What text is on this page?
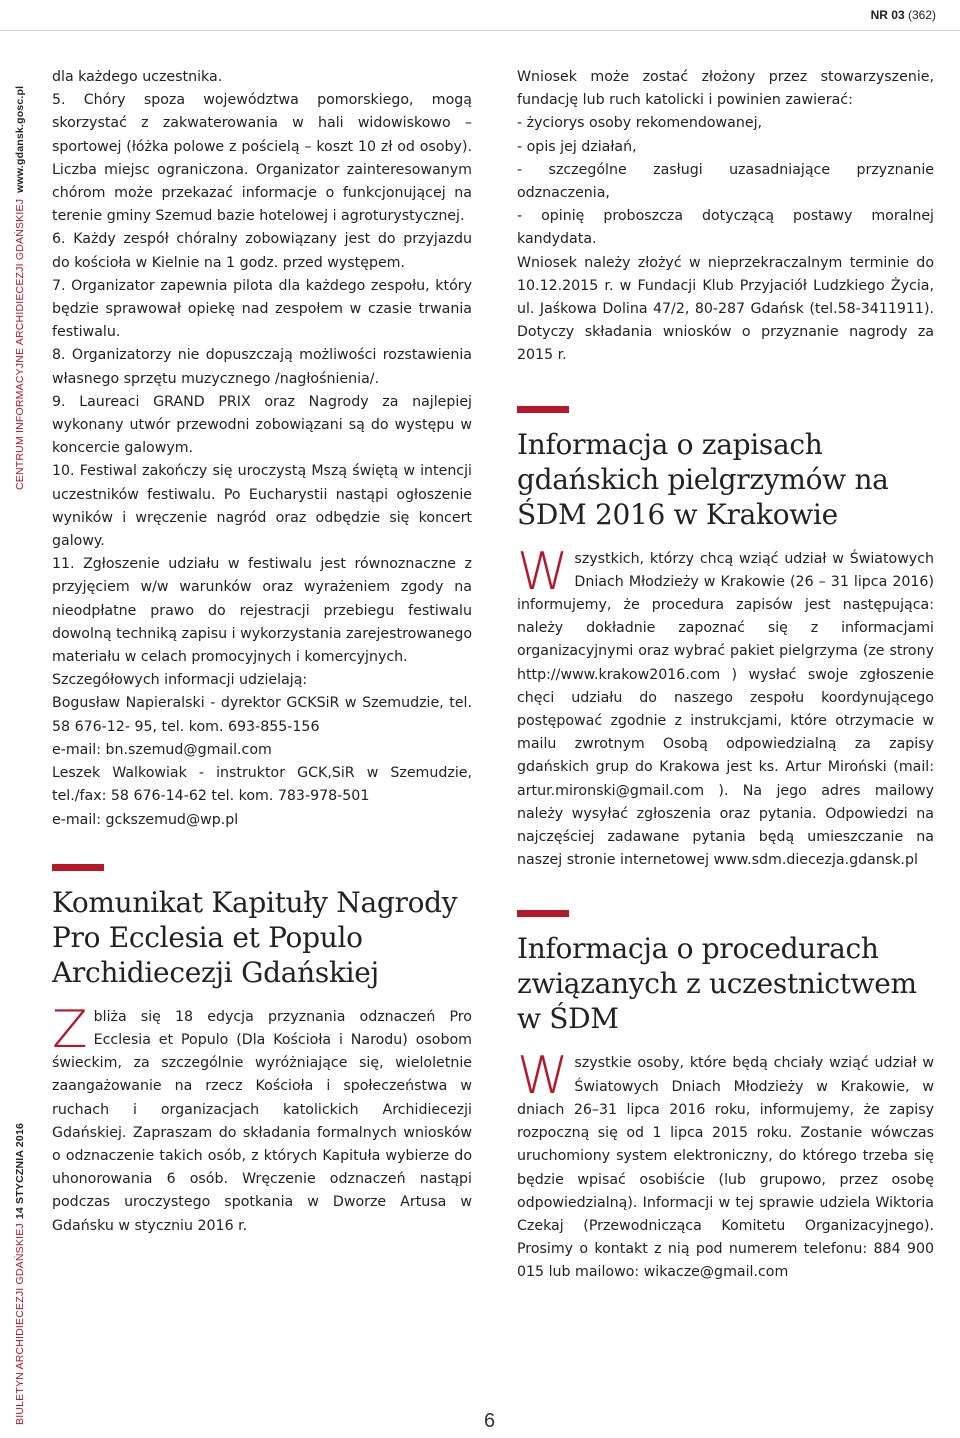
NR 03 (362)
CENTRUM INFORMACYJNE ARCHIDIECEZJI GDAŃSKIEJwww.gdansk.gosc.pl
BIULETYN ARCHIDIECEZJI GDAŃSKIEJ14 STYCZNIA 2016

dla każdego uczestnika.

5. Chóry spoza województwa pomorskiego, mogą skorzystać z zakwaterowania w hali widowiskowo – sportowej (łóżka polowe z pościelą – koszt 10 zł od osoby). Liczba miejsc ograniczona. Organizator zainteresowanym chórom może przekazać informacje o funkcjonującej na terenie gminy Szemud bazie hotelowej i agroturystycznej.

6. Każdy zespół chóralny zobowiązany jest do przyjazdu do kościoła w Kielnie na 1 godz. przed występem.

7. Organizator zapewnia pilota dla każdego zespołu, który będzie sprawował opiekę nad zespołem w czasie trwania festiwalu.

8. Organizatorzy nie dopuszczają możliwości rozstawienia własnego sprzętu muzycznego /nagłośnienia/.

9. Laureaci GRAND PRIX oraz Nagrody za najlepiej wykonany utwór przewodni zobowiązani są do występu w koncercie galowym.

10. Festiwal zakończy się uroczystą Mszą świętą w intencji uczestników festiwalu. Po Eucharystii nastąpi ogłoszenie wyników i wręczenie nagród oraz odbędzie się koncert galowy.

11. Zgłoszenie udziału w festiwalu jest równoznaczne z przyjęciem w/w warunków oraz wyrażeniem zgody na nieodpłatne prawo do rejestracji przebiegu festiwalu dowolną techniką zapisu i wykorzystania zarejestrowanego materiału w celach promocyjnych i komercyjnych.

Szczegółowych informacji udzielają:

Bogusław Napieralski - dyrektor GCKSiR w Szemudzie, tel. 58 676-12- 95, tel. kom. 693-855-156

e-mail: bn.szemud@gmail.com

Leszek Walkowiak - instruktor GCK,SiR w Szemudzie, tel./fax: 58 676-14-62 tel. kom. 783-978-501

e-mail: gckszemud@wp.pl

Komunikat Kapituły Nagrody Pro Ecclesia et Populo Archidiecezji Gdańskiej

Zbliża się 18 edycja przyznania odznaczeń Pro Ecclesia et Populo (Dla Kościoła i Narodu) osobom świeckim, za szczególnie wyróżniające się, wieloletnie zaangażowanie na rzecz Kościoła i społeczeństwa w ruchach i organizacjach katolickich Archidiecezji Gdańskiej. Zapraszam do składania formalnych wniosków o odznaczenie takich osób, z których Kapituła wybierze do uhonorowania 6 osób. Wręczenie odznaczeń nastąpi podczas uroczystego spotkania w Dworze Artusa w Gdańsku w styczniu 2016 r.

Wniosek może zostać złożony przez stowarzyszenie, fundację lub ruch katolicki i powinien zawierać:

- życiorys osoby rekomendowanej,

- opis jej działań,

- szczególne zasługi uzasadniające przyznanie odznaczenia,

- opinię proboszcza dotyczącą postawy moralnej kandydata.

Wniosek należy złożyć w nieprzekraczalnym terminie do 10.12.2015 r. w Fundacji Klub Przyjaciół Ludzkiego Życia, ul. Jaśkowa Dolina 47/2, 80-287 Gdańsk (tel.58-3411911). Dotyczy składania wniosków o przyznanie nagrody za 2015 r.

Informacja o zapisach gdańskich pielgrzymów na ŚDM 2016 w Krakowie

Wszystkich, którzy chcą wziąć udział w Światowych Dniach Młodzieży w Krakowie (26 – 31 lipca 2016) informujemy, że procedura zapisów jest następująca: należy dokładnie zapoznać się z informacjami organizacyjnymi oraz wybrać pakiet pielgrzyma (ze strony http://www.krakow2016.com ) wysłać swoje zgłoszenie chęci udziału do naszego zespołu koordynującego postępować zgodnie z instrukcjami, które otrzymacie w mailu zwrotnym Osobą odpowiedzialną za zapisy gdańskich grup do Krakowa jest ks. Artur Miroński (mail: artur.mironski@gmail.com ). Na jego adres mailowy należy wysyłać zgłoszenia oraz pytania. Odpowiedzi na najczęściej zadawane pytania będą umieszczanie na naszej stronie internetowej www.sdm.diecezja.gdansk.pl

Informacja o procedurach związanych z uczestnictwem w ŚDM

Wszystkie osoby, które będą chciały wziąć udział w Światowych Dniach Młodzieży w Krakowie, w dniach 26–31 lipca 2016 roku, informujemy, że zapisy rozpoczną się od 1 lipca 2015 roku. Zostanie wówczas uruchomiony system elektroniczny, do którego trzeba się będzie wpisać osobiście (lub grupowo, przez osobę odpowiedzialną). Informacji w tej sprawie udziela Wiktoria Czekaj (Przewodnicząca Komitetu Organizacyjnego). Prosimy o kontakt z nią pod numerem telefonu: 884 900 015 lub mailowo: wikacze@gmail.com

6
